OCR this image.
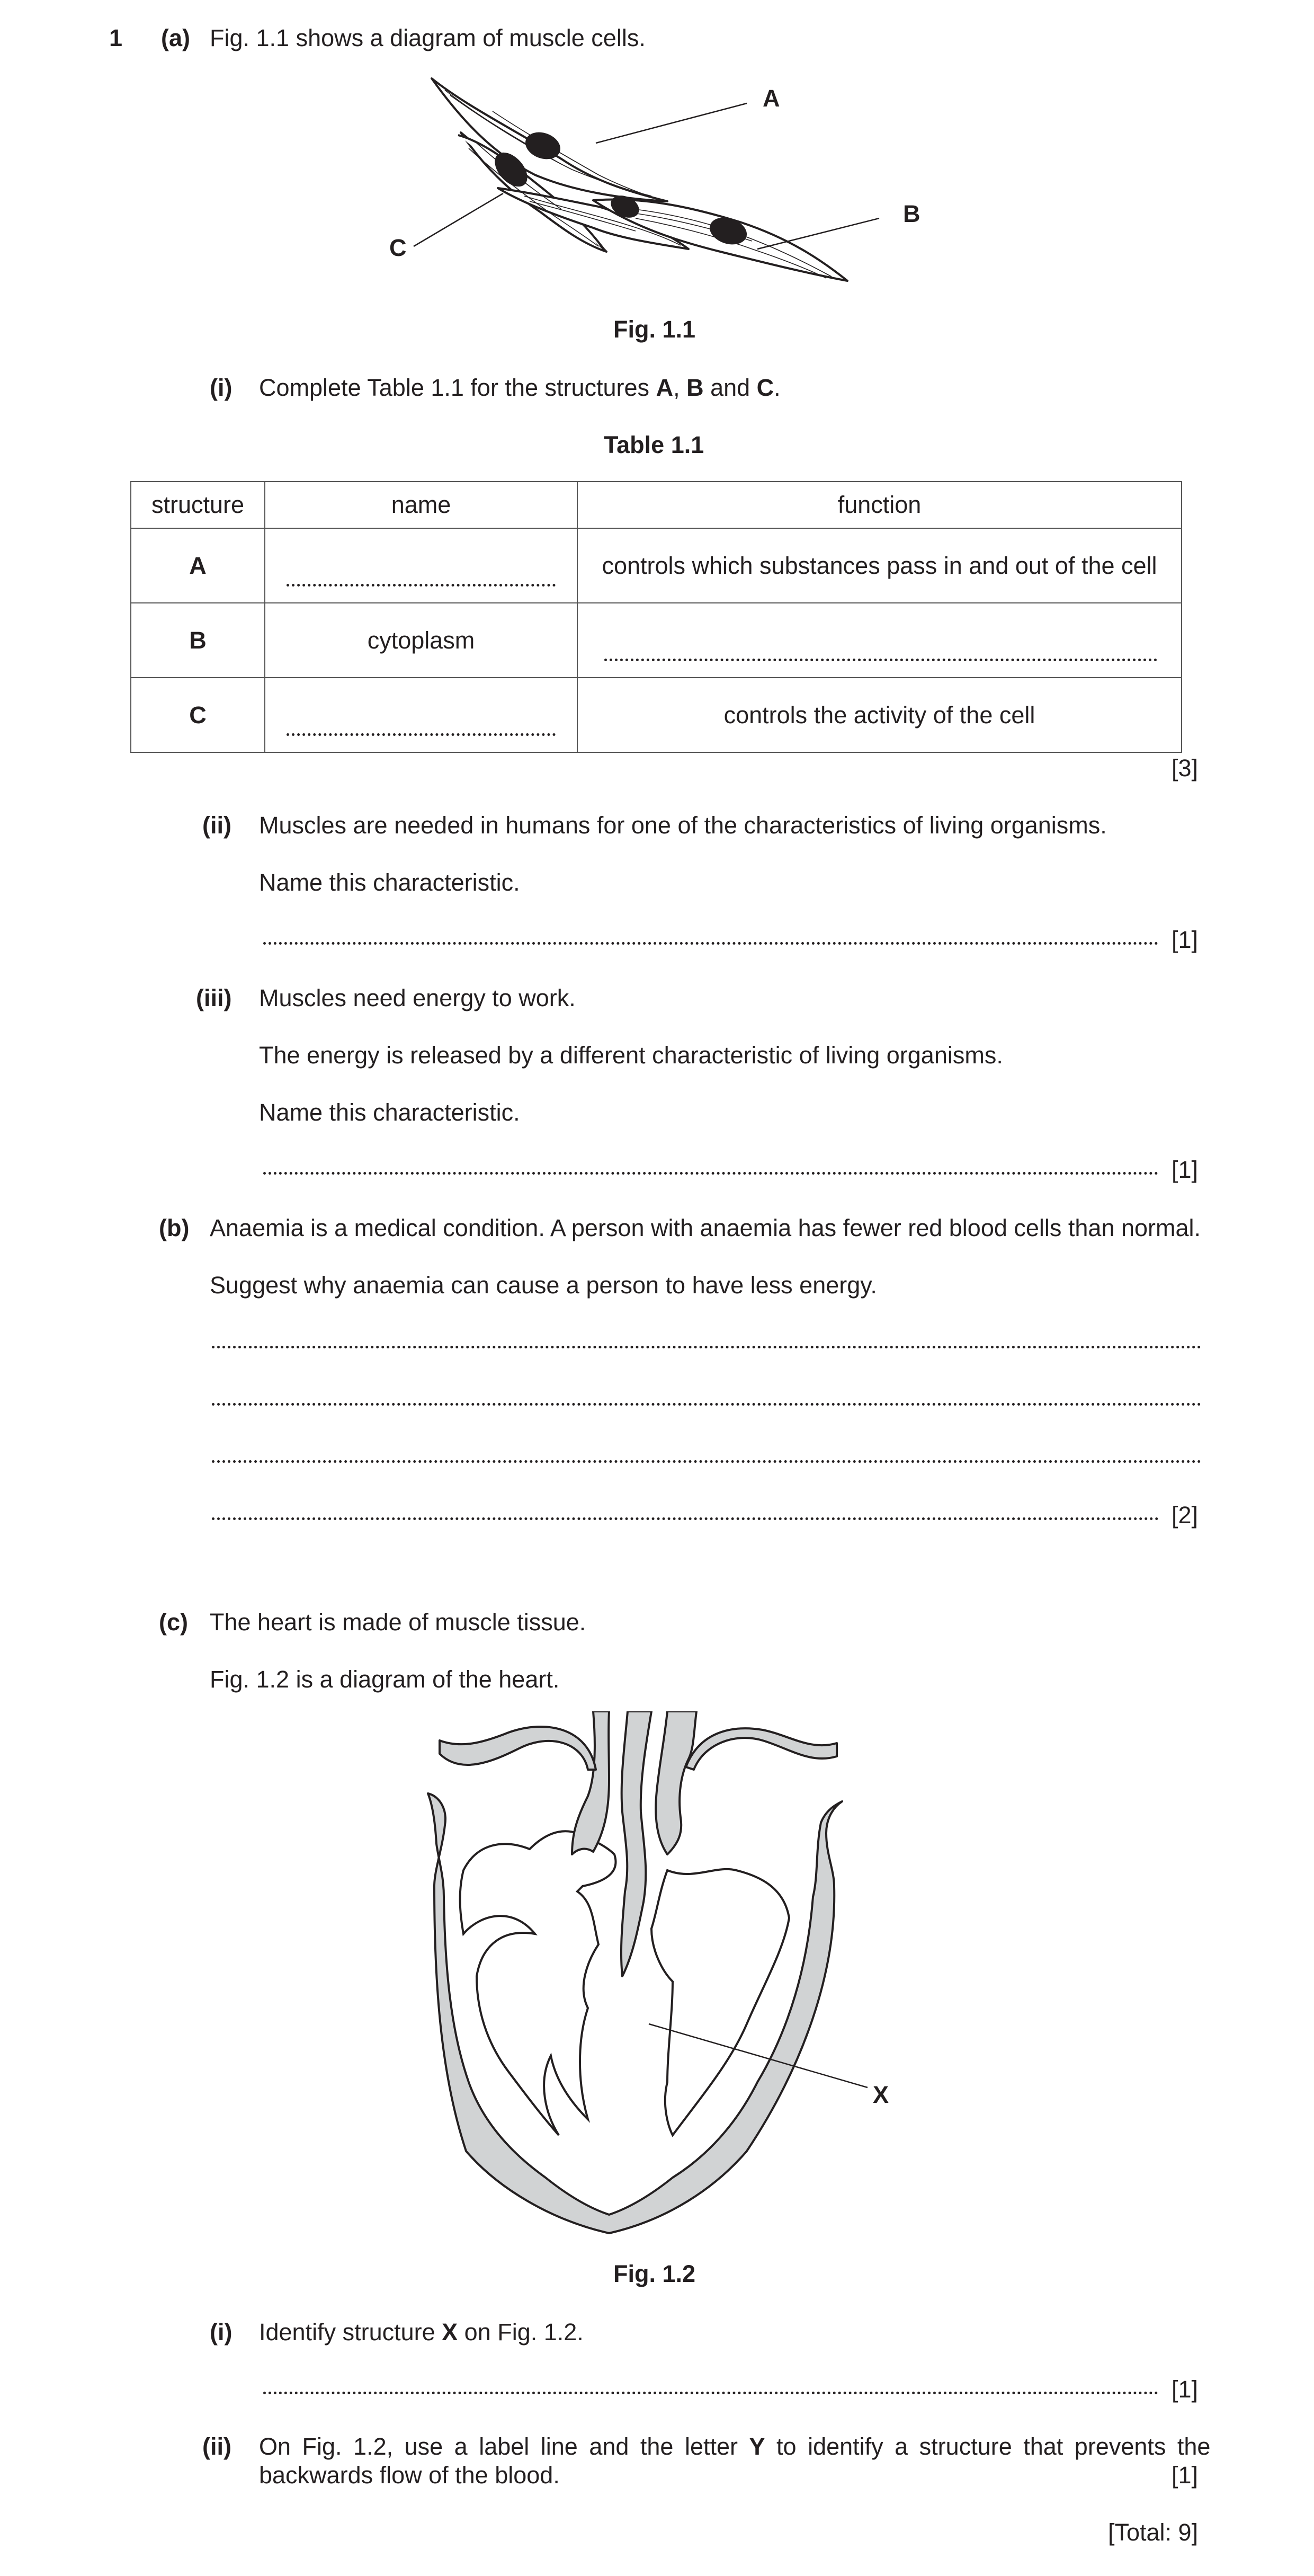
1 (a) Fig. 1.1 shows a diagram of muscle cells.
A
B
C
Fig. 1.1
(i) Complete Table 1.1 for the structures A, B and C.
Table 1.1
structure	name	function
A		controls which substances pass in and out of the cell
B	cytoplasm	

C		controls the activity of the cell
[3]
(ii) Muscles are needed in humans for one of the characteristics of living organisms.
Name this characteristic.
[1]
(iii) Muscles need energy to work.
The energy is released by a different characteristic of living organisms.
Name this characteristic.
[1]
(b) Anaemia is a medical condition. A person with anaemia has fewer red blood cells than normal.
Suggest why anaemia can cause a person to have less energy.
[2]
(c) The heart is made of muscle tissue.
Fig. 1.2 is a diagram of the heart.
X
Fig. 1.2
(i) Identify structure X on Fig. 1.2.
[1]
(ii) On Fig. 1.2, use a label line and the letter Y to identify a structure that prevents the
backwards flow of the blood.	[1]
[Total: 9]
